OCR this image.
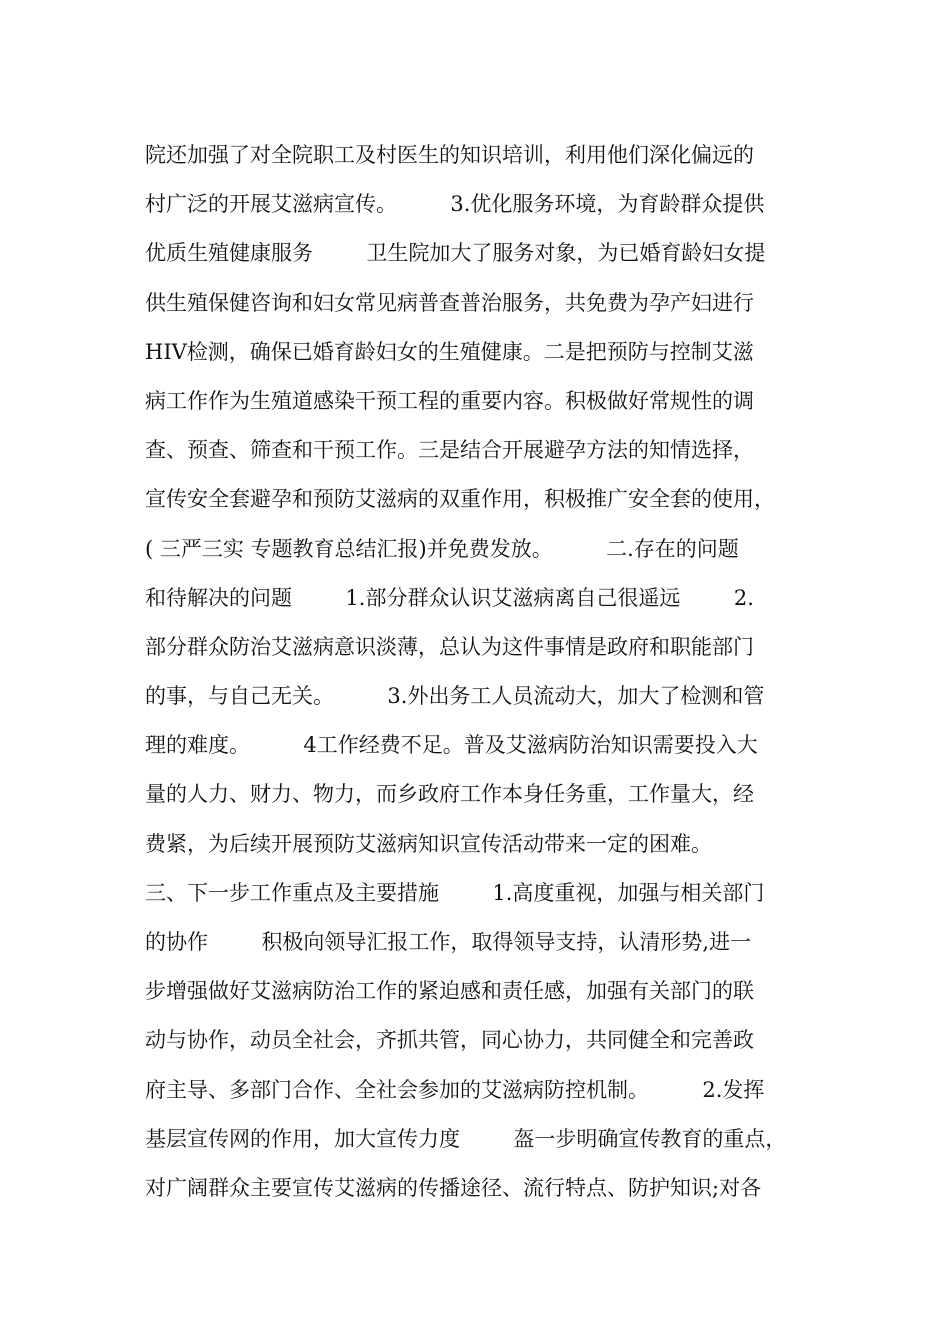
院还加强了对全院职工及村医生的知识培训，利用他们深化偏远的
村广泛的开展艾滋病宣传。        3.优化服务环境，为育龄群众提供
优质生殖健康服务        卫生院加大了服务对象，为已婚育龄妇女提
供生殖保健咨询和妇女常见病普查普治服务，共免费为孕产妇进行
HIV检测，确保已婚育龄妇女的生殖健康。二是把预防与控制艾滋
病工作作为生殖道感染干预工程的重要内容。积极做好常规性的调
查、预查、筛查和干预工作。三是结合开展避孕方法的知情选择，
宣传安全套避孕和预防艾滋病的双重作用，积极推广安全套的使用，
( 三严三实 专题教育总结汇报)并免费发放。        二.存在的问题
和待解决的问题        1.部分群众认识艾滋病离自己很遥远        2.
部分群众防治艾滋病意识淡薄，总认为这件事情是政府和职能部门
的事，与自己无关。        3.外出务工人员流动大，加大了检测和管
理的难度。        4工作经费不足。普及艾滋病防治知识需要投入大
量的人力、财力、物力，而乡政府工作本身任务重，工作量大，经
费紧，为后续开展预防艾滋病知识宣传活动带来一定的困难。
三、下一步工作重点及主要措施        1.高度重视，加强与相关部门
的协作        积极向领导汇报工作，取得领导支持，认清形势,进一
步增强做好艾滋病防治工作的紧迫感和责任感，加强有关部门的联
动与协作，动员全社会，齐抓共管，同心协力，共同健全和完善政
府主导、多部门合作、全社会参加的艾滋病防控机制。        2.发挥
基层宣传网的作用，加大宣传力度        盔一步明确宣传教育的重点，
对广阔群众主要宣传艾滋病的传播途径、流行特点、防护知识;对各
